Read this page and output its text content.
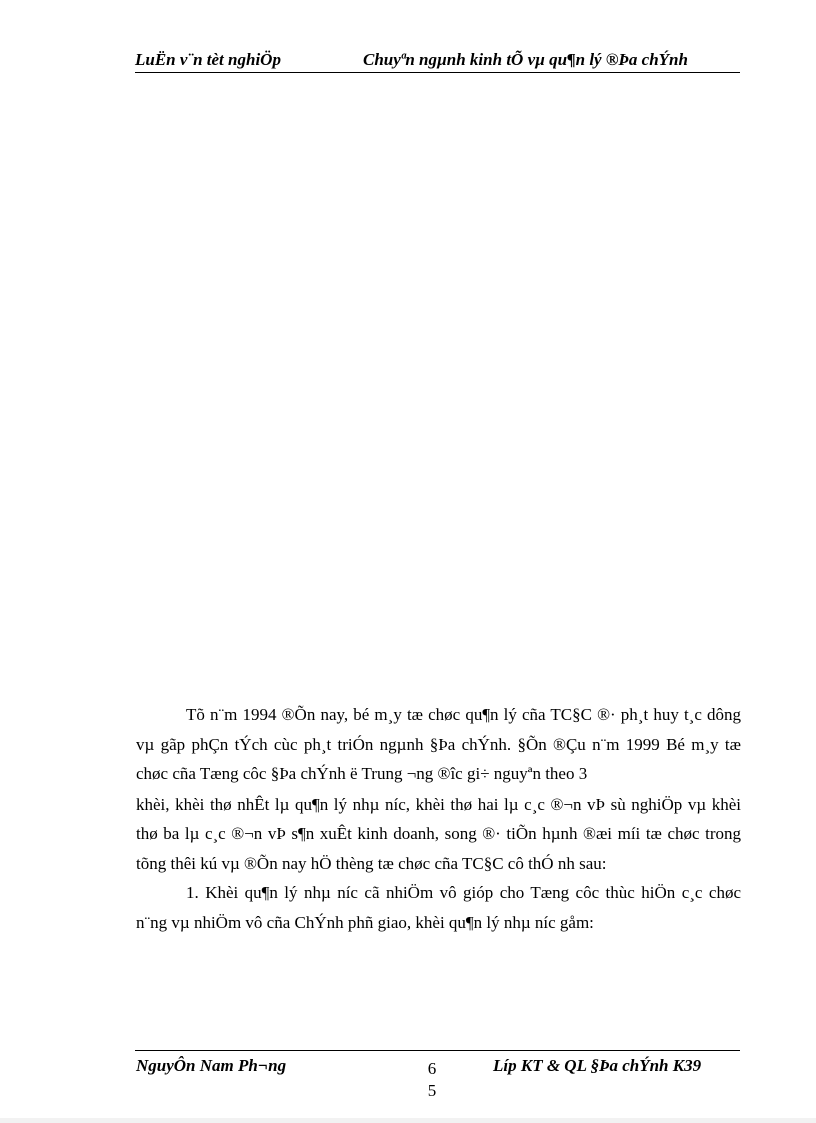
LuËn v¨n tèt nghiÖp	Chuyªn ngµnh kinh tÕ vµ qu¶n lý ®Þa chÝnh

Tõ n¨m 1994 ®Õn nay, bé m¸y tæ chøc qu¶n lý cña TC§C ®· ph¸t huy t¸c dông vµ gãp phÇn tÝch cùc ph¸t triÓn ngµnh §Þa chÝnh. §Õn ®Çu n¨m 1999 Bé m¸y tæ chøc cña Tæng côc §Þa chÝnh ë Trung ¬ng ®îc gi÷ nguyªn theo 3

khèi, khèi thø nhÊt lµ qu¶n lý nhµ níc, khèi thø hai lµ c¸c ®¬n vÞ sù nghiÖp vµ khèi thø ba lµ c¸c ®¬n vÞ s¶n xuÊt kinh doanh, song ®· tiÕn hµnh ®æi míi tæ chøc trong tõng thêi kú vµ ®Õn nay hÖ thèng tæ chøc cña TC§C cô thÓ nh sau:

1. Khèi qu¶n lý nhµ níc cã nhiÖm vô gióp cho Tæng côc thùc hiÖn c¸c chøc n¨ng vµ nhiÖm vô cña ChÝnh phñ giao, khèi qu¶n lý nhµ níc gåm:

NguyÔn Nam Ph¬ng	6
5
Líp KT & QL §Þa chÝnh K39
